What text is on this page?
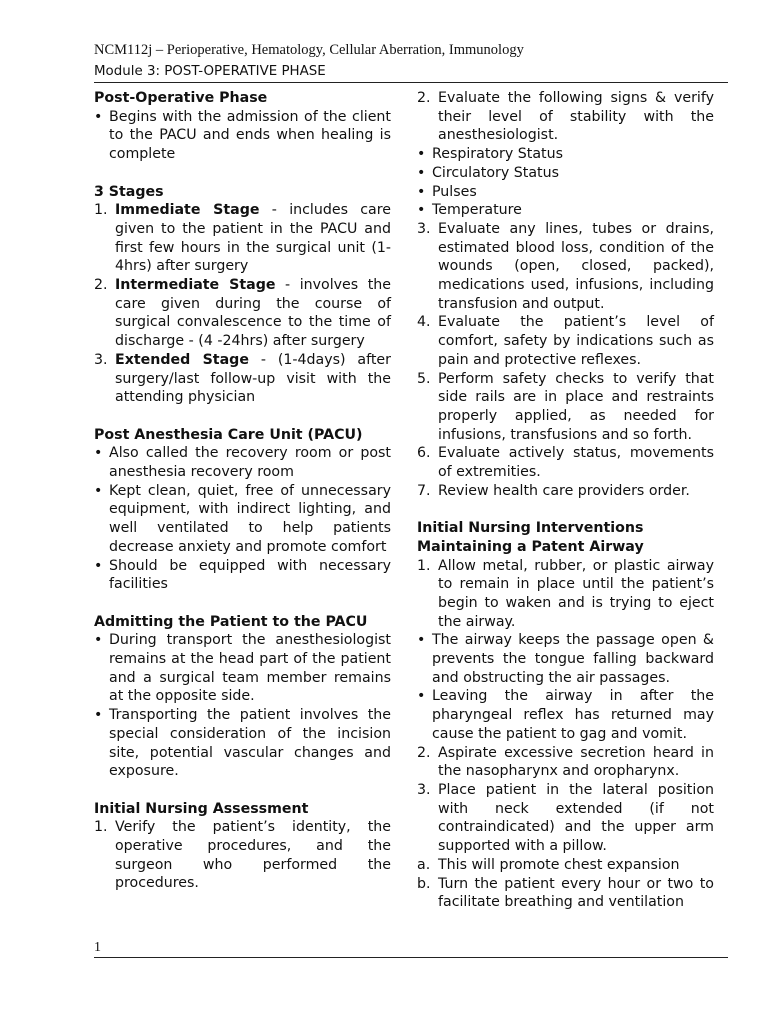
NCM112j – Perioperative, Hematology, Cellular Aberration, Immunology
Module 3: POST-OPERATIVE PHASE
Post-Operative Phase
• Begins with the admission of the client to the PACU and ends when healing is complete
3 Stages
1. Immediate Stage - includes care given to the patient in the PACU and first few hours in the surgical unit (1-4hrs) after surgery
2. Intermediate Stage - involves the care given during the course of surgical convalescence to the time of discharge - (4 -24hrs) after surgery
3. Extended Stage - (1-4days) after surgery/last follow-up visit with the attending physician
Post Anesthesia Care Unit (PACU)
• Also called the recovery room or post anesthesia recovery room
• Kept clean, quiet, free of unnecessary equipment, with indirect lighting, and well ventilated to help patients decrease anxiety and promote comfort
• Should be equipped with necessary facilities
Admitting the Patient to the PACU
• During transport the anesthesiologist remains at the head part of the patient and a surgical team member remains at the opposite side.
• Transporting the patient involves the special consideration of the incision site, potential vascular changes and exposure.
Initial Nursing Assessment
1. Verify the patient’s identity, the operative procedures, and the surgeon who performed the procedures.
2. Evaluate the following signs & verify their level of stability with the anesthesiologist.
• Respiratory Status
• Circulatory Status
• Pulses
• Temperature
3. Evaluate any lines, tubes or drains, estimated blood loss, condition of the wounds (open, closed, packed), medications used, infusions, including transfusion and output.
4. Evaluate the patient’s level of comfort, safety by indications such as pain and protective reflexes.
5. Perform safety checks to verify that side rails are in place and restraints properly applied, as needed for infusions, transfusions and so forth.
6. Evaluate actively status, movements of extremities.
7. Review health care providers order.
Initial Nursing Interventions
Maintaining a Patent Airway
1. Allow metal, rubber, or plastic airway to remain in place until the patient’s begin to waken and is trying to eject the airway.
• The airway keeps the passage open & prevents the tongue falling backward and obstructing the air passages.
• Leaving the airway in after the pharyngeal reflex has returned may cause the patient to gag and vomit.
2. Aspirate excessive secretion heard in the nasopharynx and oropharynx.
3. Place patient in the lateral position with neck extended (if not contraindicated) and the upper arm supported with a pillow.
a. This will promote chest expansion
b. Turn the patient every hour or two to facilitate breathing and ventilation
1
